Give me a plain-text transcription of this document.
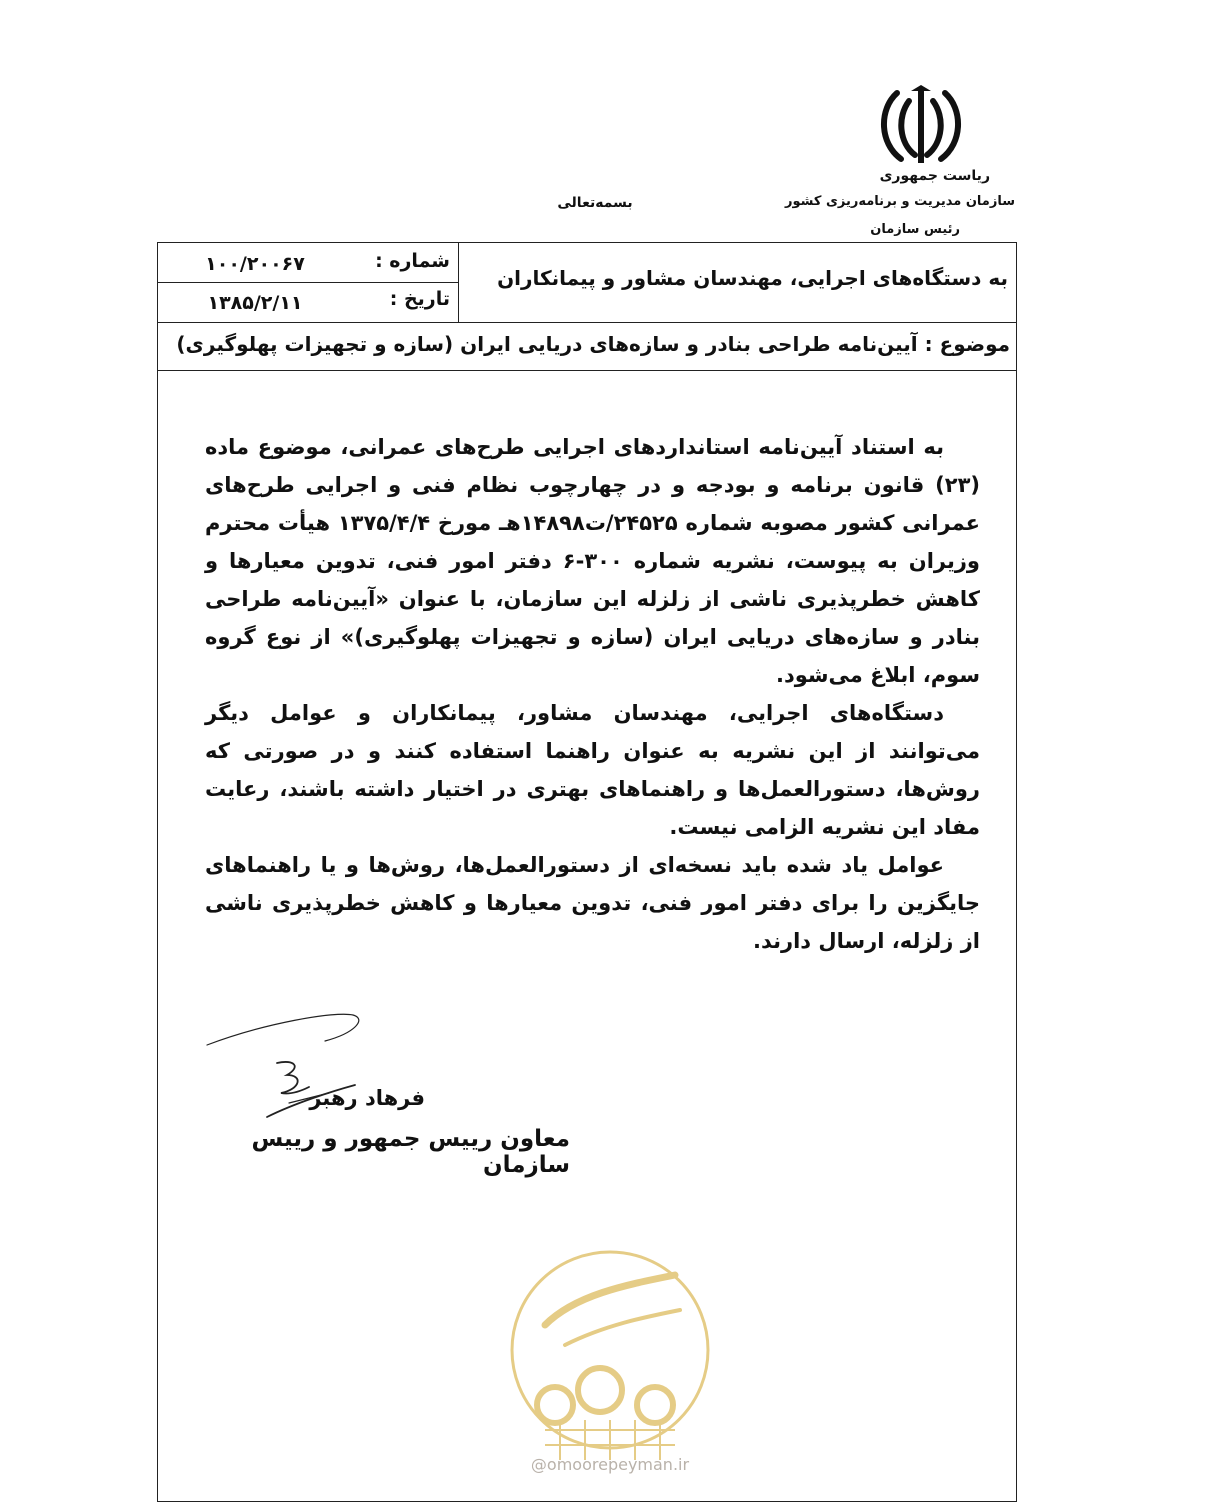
ریاست جمهوری
سازمان مدیریت و برنامه‌ریزی کشور
بسمه‌تعالی
رئیس سازمان
شماره :
۱۰۰/۲۰۰۶۷
تاریخ :
۱۳۸۵/۲/۱۱
به دستگاه‌های اجرایی، مهندسان مشاور و پیمانکاران
موضوع : آیین‌نامه طراحی بنادر و سازه‌های دریایی ایران (سازه و تجهیزات پهلوگیری)

به استناد آیین‌نامه استانداردهای اجرایی طرح‌های عمرانی، موضوع ماده (۲۳) قانون برنامه و بودجه و در چهارچوب نظام فنی و اجرایی طرح‌های عمرانی کشور مصوبه شماره ۲۴۵۲۵/ت۱۴۸۹۸هـ مورخ ۱۳۷۵/۴/۴ هیأت محترم وزیران به پیوست، نشریه شماره ۳۰۰-۶ دفتر امور فنی، تدوین معیارها و کاهش خطرپذیری ناشی از زلزله این سازمان، با عنوان «آیین‌نامه طراحی بنادر و سازه‌های دریایی ایران (سازه و تجهیزات پهلوگیری)» از نوع گروه سوم، ابلاغ می‌شود.

دستگاه‌های اجرایی، مهندسان مشاور، پیمانکاران و عوامل دیگر می‌توانند از این نشریه به عنوان راهنما استفاده کنند و در صورتی که روش‌ها، دستورالعمل‌ها و راهنماهای بهتری در اختیار داشته باشند، رعایت مفاد این نشریه الزامی نیست.

عوامل یاد شده باید نسخه‌ای از دستورالعمل‌ها، روش‌ها و یا راهنماهای جایگزین را برای دفتر امور فنی، تدوین معیارها و کاهش خطرپذیری ناشی از زلزله، ارسال دارند.

فرهاد رهبر
معاون رییس جمهور و رییس سازمان
@omoorepeyman.ir
